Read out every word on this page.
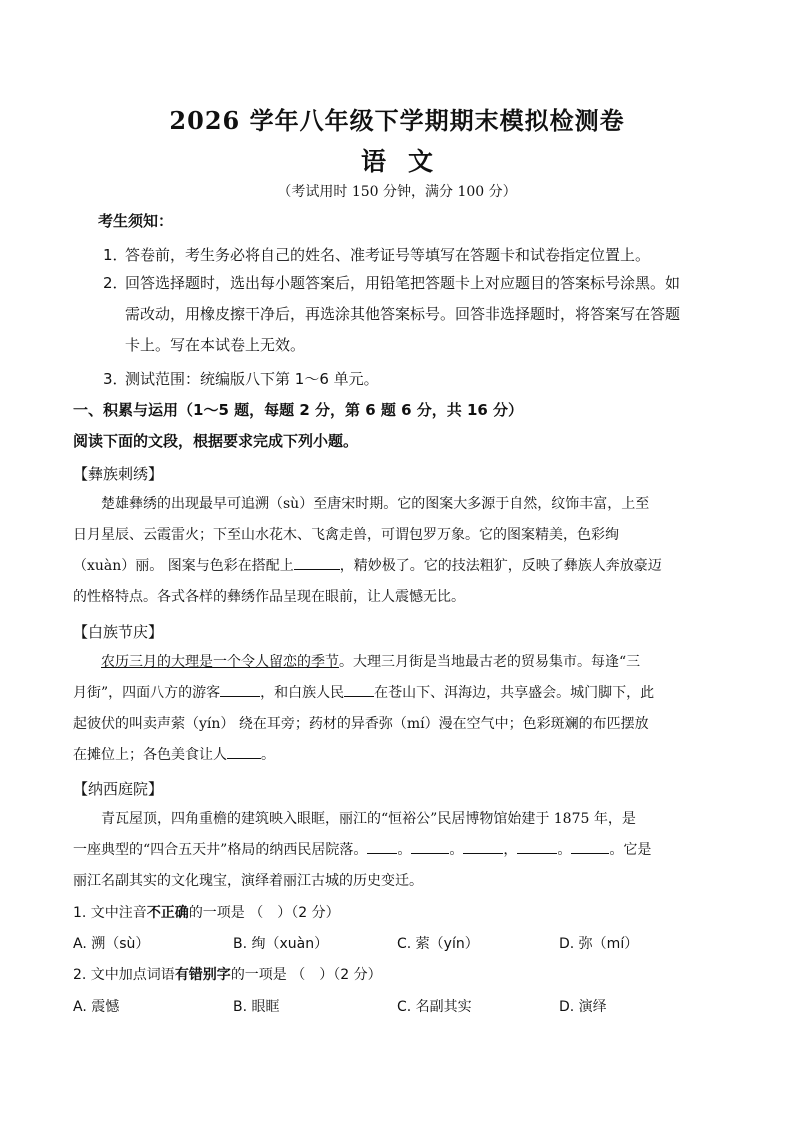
2026 学年八年级下学期期末模拟检测卷
语文
（考试用时 150 分钟，满分 100 分）
考生须知：
1．答卷前，考生务必将自己的姓名、准考证号等填写在答题卡和试卷指定位置上。
2．回答选择题时，选出每小题答案后，用铅笔把答题卡上对应题目的答案标号涂黑。如
需改动，用橡皮擦干净后，再选涂其他答案标号。回答非选择题时，将答案写在答题
卡上。写在本试卷上无效。
3．测试范围：统编版八下第 1～6 单元。
一、积累与运用（1～5 题，每题 2 分，第 6 题 6 分，共 16 分）
阅读下面的文段，根据要求完成下列小题。
【彝族刺绣】

楚雄彝绣的出现最早可追溯（sù）至唐宋时期。它的图案大多源于自然，纹饰丰富，上至

日月星辰、云霞雷火；下至山水花木、飞禽走兽，可谓包罗万象。它的图案精美，色彩绚

（xuàn）丽。 图案与色彩在搭配上	，精妙极了。它的技法粗犷，反映了彝族人奔放豪迈

的性格特点。各式各样的彝绣作品呈现在眼前，让人震憾无比。

【白族节庆】

农历三月的大理是一个令人留恋的季节。大理三月街是当地最古老的贸易集市。每逢“三

月街”，四面八方的游客	，和白族人民 在苍山下、洱海边，共享盛会。城门脚下，此

起彼伏的叫卖声萦（yín） 绕在耳旁；药材的异香弥（mí）漫在空气中；色彩斑斓的布匹摆放

在摊位上；各色美食让人 。

【纳西庭院】

青瓦屋顶，四角重檐的建筑映入眼眶，丽江的“恒裕公”民居博物馆始建于 1875 年，是

一座典型的“四合五天井”格局的纳西民居院落。 。	。	，	。	。它是

丽江名副其实的文化瑰宝，演绎着丽江古城的历史变迁。

1. 文中注音不正确的一项是 （　）（2 分）
A. 溯（sù）	B. 绚（xuàn）	C. 萦（yín）	D. 弥（mí）
2. 文中加点词语有错别字的一项是 （　）（2 分）
A. 震憾	B. 眼眶	C. 名副其实	D. 演绎
